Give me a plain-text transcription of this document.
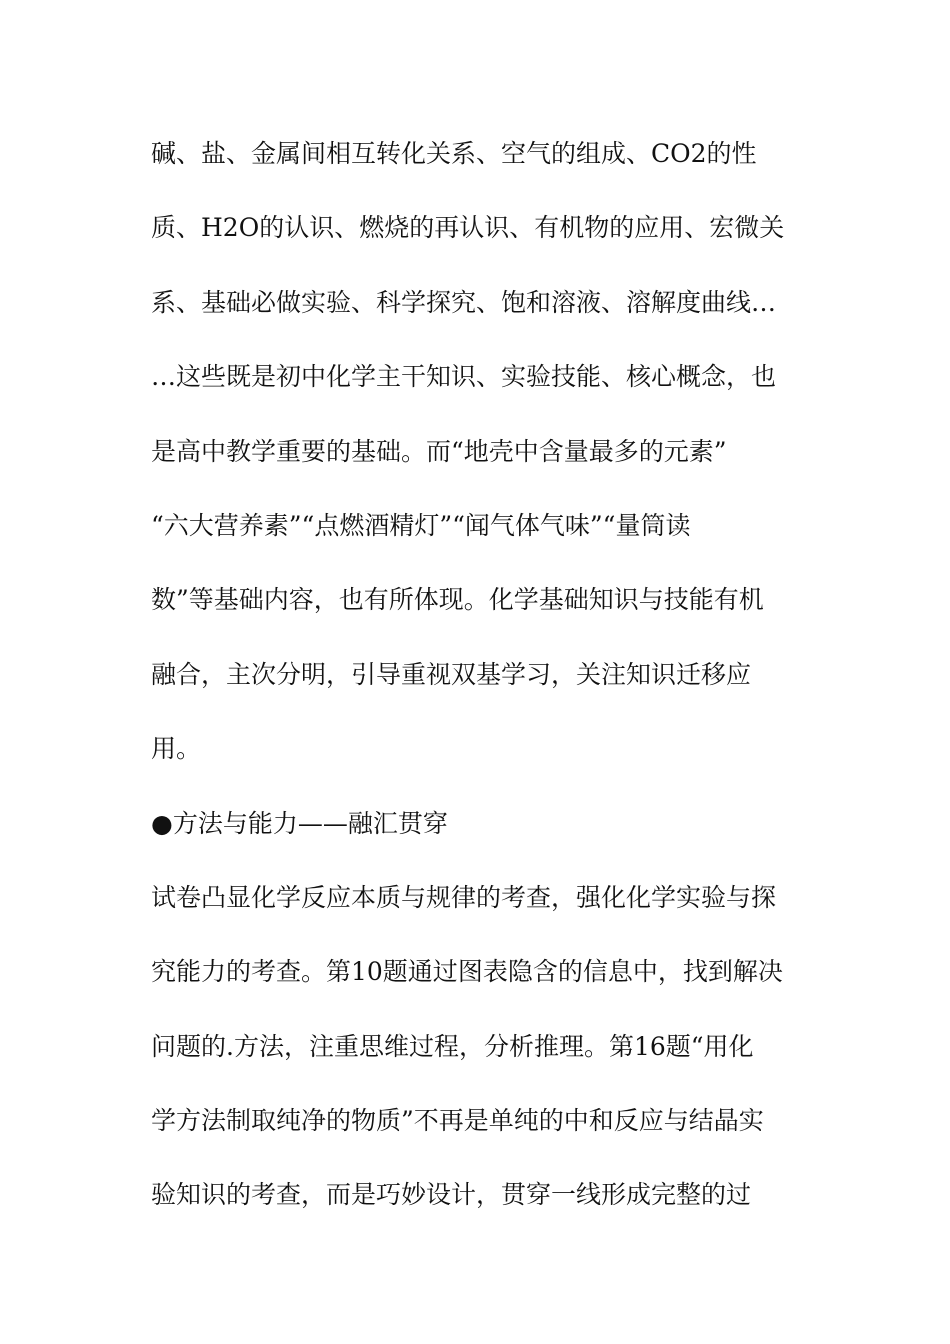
碱、盐、金属间相互转化关系、空气的组成、CO2的性
质、H2O的认识、燃烧的再认识、有机物的应用、宏微关
系、基础必做实验、科学探究、饱和溶液、溶解度曲线…
…这些既是初中化学主干知识、实验技能、核心概念，也
是高中教学重要的基础。而“地壳中含量最多的元素”
“六大营养素”“点燃酒精灯”“闻气体气味”“量筒读
数”等基础内容，也有所体现。化学基础知识与技能有机
融合，主次分明，引导重视双基学习，关注知识迁移应
用。
●方法与能力——融汇贯穿
试卷凸显化学反应本质与规律的考查，强化化学实验与探
究能力的考查。第10题通过图表隐含的信息中，找到解决
问题的.方法，注重思维过程，分析推理。第16题“用化
学方法制取纯净的物质”不再是单纯的中和反应与结晶实
验知识的考查，而是巧妙设计，贯穿一线形成完整的过
